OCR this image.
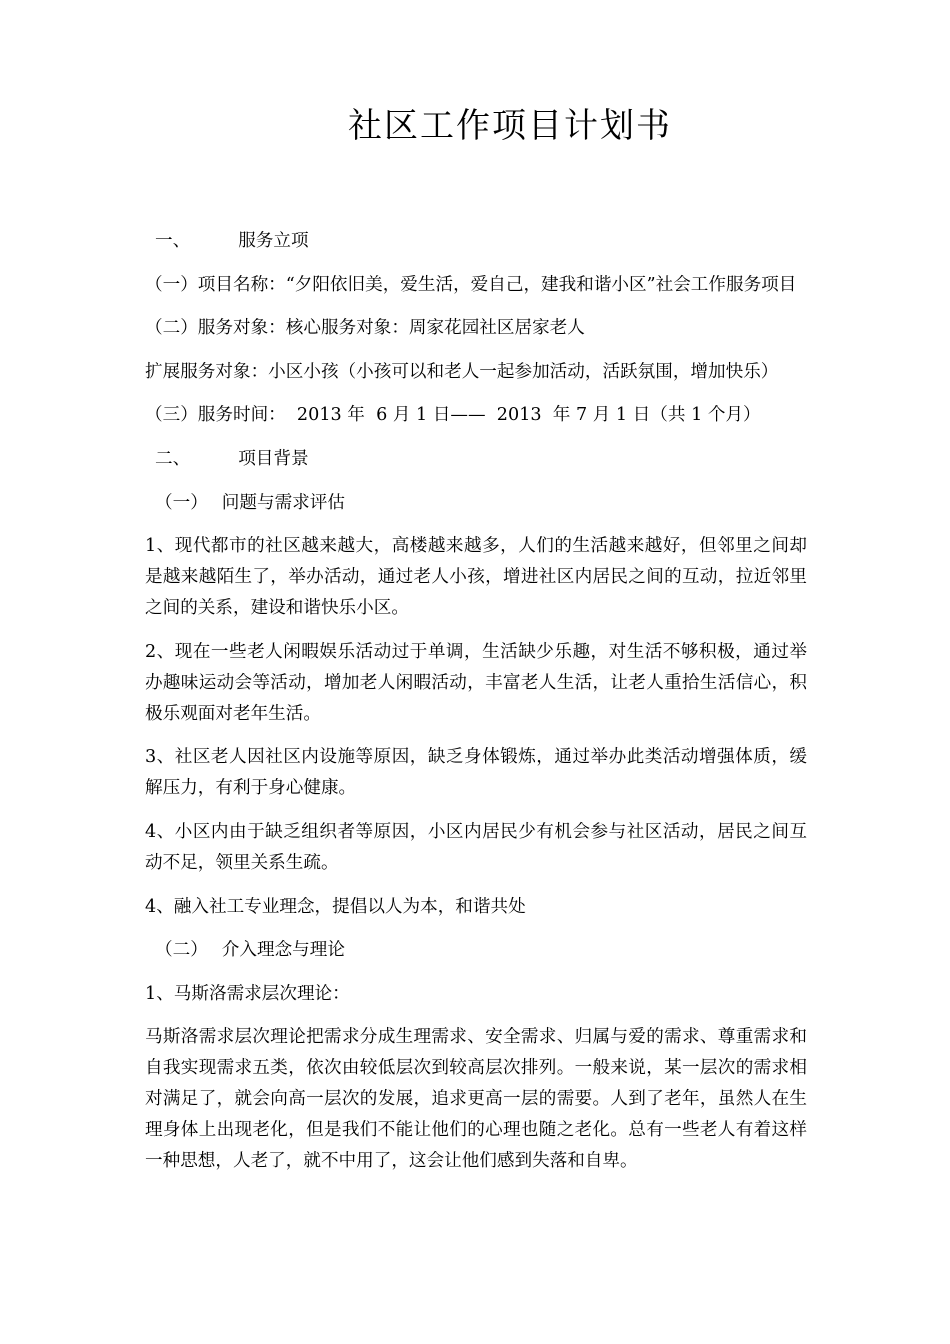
社区工作项目计划书

一、	服务立项

（一）项目名称：“夕阳依旧美，爱生活，爱自己，建我和谐小区”社会工作服务项目

（二）服务对象：核心服务对象：周家花园社区居家老人

扩展服务对象：小区小孩（小孩可以和老人一起参加活动，活跃氛围，增加快乐）

（三）服务时间：  2013 年  6 月 1 日——  2013  年 7 月 1 日（共 1 个月）

二、	项目背景

（一） 问题与需求评估

1、现代都市的社区越来越大，高楼越来越多，人们的生活越来越好，但邻里之间却是越来越陌生了，举办活动，通过老人小孩，增进社区内居民之间的互动，拉近邻里之间的关系，建设和谐快乐小区。

2、现在一些老人闲暇娱乐活动过于单调，生活缺少乐趣，对生活不够积极，通过举办趣味运动会等活动，增加老人闲暇活动，丰富老人生活，让老人重拾生活信心，积极乐观面对老年生活。

3、社区老人因社区内设施等原因，缺乏身体锻炼，通过举办此类活动增强体质，缓解压力，有利于身心健康。

4、小区内由于缺乏组织者等原因，小区内居民少有机会参与社区活动，居民之间互动不足，领里关系生疏。

4、融入社工专业理念，提倡以人为本，和谐共处

（二） 介入理念与理论

1、马斯洛需求层次理论：

马斯洛需求层次理论把需求分成生理需求、安全需求、归属与爱的需求、尊重需求和自我实现需求五类，依次由较低层次到较高层次排列。一般来说，某一层次的需求相对满足了，就会向高一层次的发展，追求更高一层的需要。人到了老年，虽然人在生理身体上出现老化，但是我们不能让他们的心理也随之老化。总有一些老人有着这样一种思想，人老了，就不中用了，这会让他们感到失落和自卑。
